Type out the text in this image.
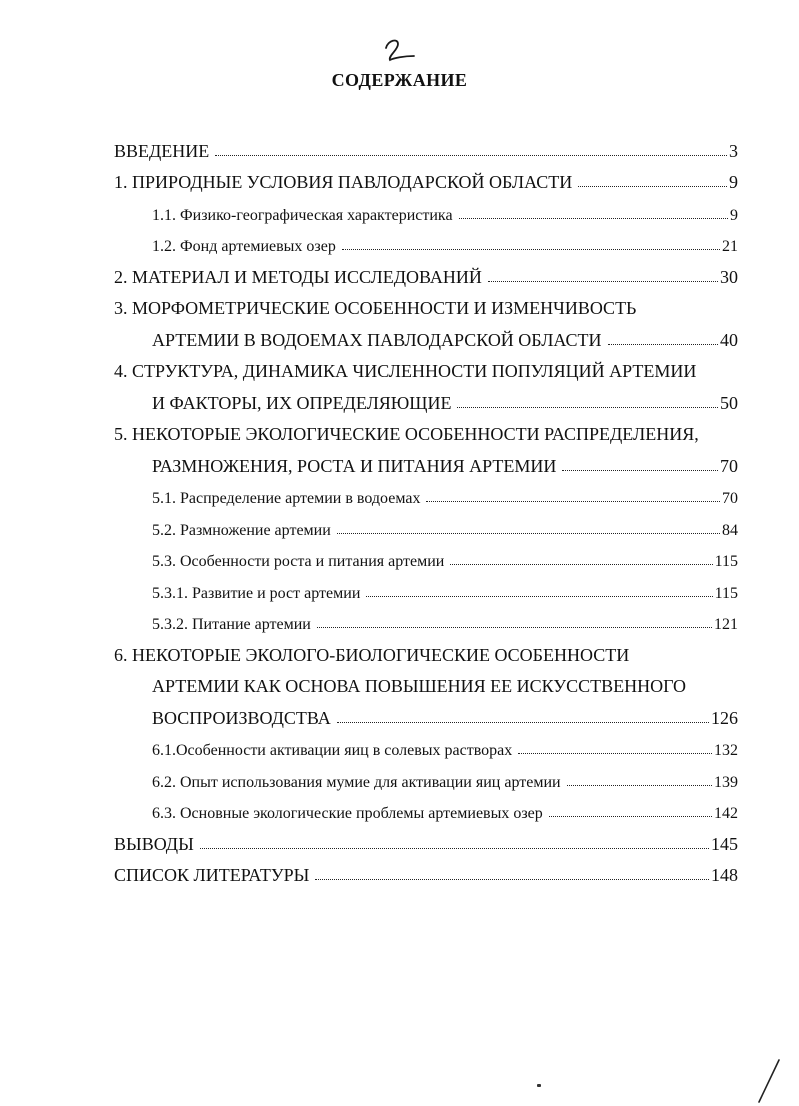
СОДЕРЖАНИЕ
ВВЕДЕНИЕ	3
1. ПРИРОДНЫЕ УСЛОВИЯ ПАВЛОДАРСКОЙ ОБЛАСТИ	9
1.1. Физико-географическая характеристика	9
1.2. Фонд артемиевых озер	21
2. МАТЕРИАЛ И МЕТОДЫ ИССЛЕДОВАНИЙ	30
3. МОРФОМЕТРИЧЕСКИЕ ОСОБЕННОСТИ И ИЗМЕНЧИВОСТЬ
АРТЕМИИ В ВОДОЕМАХ ПАВЛОДАРСКОЙ ОБЛАСТИ	40
4. СТРУКТУРА, ДИНАМИКА ЧИСЛЕННОСТИ ПОПУЛЯЦИЙ АРТЕМИИ
И ФАКТОРЫ, ИХ ОПРЕДЕЛЯЮЩИЕ	50
5. НЕКОТОРЫЕ ЭКОЛОГИЧЕСКИЕ ОСОБЕННОСТИ РАСПРЕДЕЛЕНИЯ,
РАЗМНОЖЕНИЯ, РОСТА И ПИТАНИЯ АРТЕМИИ	70
5.1. Распределение артемии в водоемах	70
5.2. Размножение артемии	84
5.3. Особенности роста и питания артемии	115
5.3.1. Развитие и рост артемии	115
5.3.2. Питание артемии	121
6. НЕКОТОРЫЕ ЭКОЛОГО-БИОЛОГИЧЕСКИЕ ОСОБЕННОСТИ
АРТЕМИИ КАК ОСНОВА ПОВЫШЕНИЯ ЕЕ ИСКУССТВЕННОГО
ВОСПРОИЗВОДСТВА	126
6.1.Особенности активации яиц в солевых растворах	132
6.2. Опыт использования мумие для активации яиц артемии	139
6.3. Основные экологические проблемы артемиевых озер	142
ВЫВОДЫ	145
СПИСОК ЛИТЕРАТУРЫ	148
